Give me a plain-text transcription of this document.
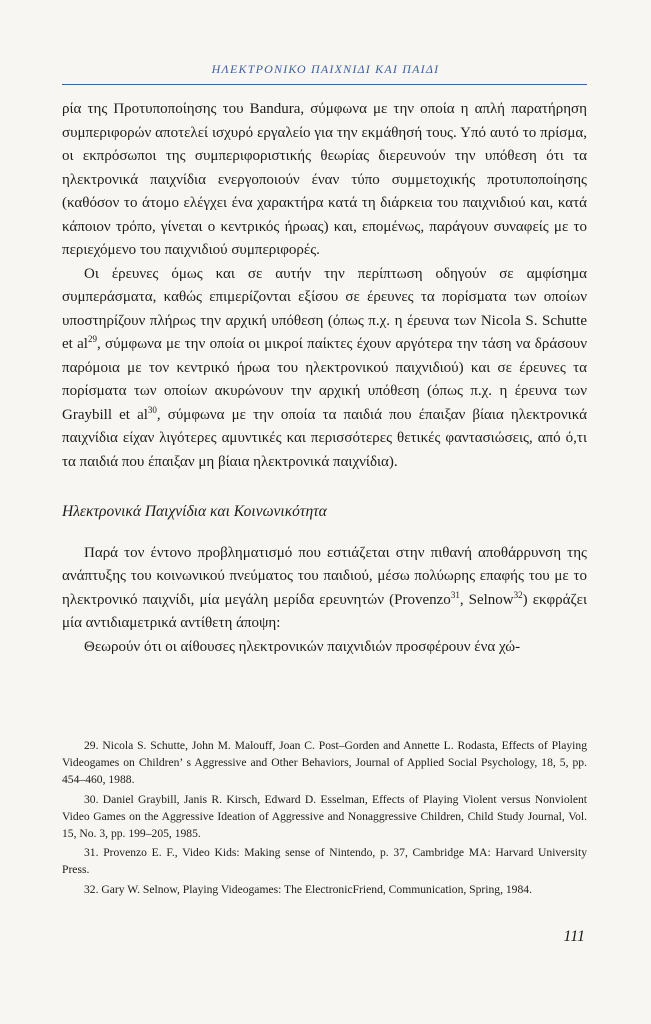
ΗΛΕΚΤΡΟΝΙΚΟ ΠΑΙΧΝΙΔΙ ΚΑΙ ΠΑΙΔΙ

ρία της Προτυποποίησης του Bandura, σύμφωνα με την οποία η απλή παρατήρηση συμπεριφορών αποτελεί ισχυρό εργαλείο για την εκμάθησή τους. Υπό αυτό το πρίσμα, οι εκπρόσωποι της συμπεριφοριστικής θεωρίας διερευνούν την υπόθεση ότι τα ηλεκτρονικά παιχνίδια ενεργοποιούν έναν τύπο συμμετοχικής προτυποποίησης (καθόσον το άτομο ελέγχει ένα χαρακτήρα κατά τη διάρκεια του παιχνιδιού και, κατά κάποιον τρόπο, γίνεται ο κεντρικός ήρωας) και, επομένως, παράγουν συναφείς με το περιεχόμενο του παιχνιδιού συμπεριφορές.

Οι έρευνες όμως και σε αυτήν την περίπτωση οδηγούν σε αμφίσημα συμπεράσματα, καθώς επιμερίζονται εξίσου σε έρευνες τα πορίσματα των οποίων υποστηρίζουν πλήρως την αρχική υπόθεση (όπως π.χ. η έρευνα των Nicola S. Schutte et $al^{29}$, σύμφωνα με την οποία οι μικροί παίκτες έχουν αργότερα την τάση να δράσουν παρόμοια με τον κεντρικό ήρωα του ηλεκτρονικού παιχνιδιού) και σε έρευνες τα πορίσματα των οποίων ακυρώνουν την αρχική υπόθεση (όπως π.χ. η έρευνα των Graybill et $al^{30}$, σύμφωνα με την οποία τα παιδιά που έπαιξαν βίαια ηλεκτρονικά παιχνίδια είχαν λιγότερες αμυντικές και περισσότερες θετικές φαντασιώσεις, από ό,τι τα παιδιά που έπαιξαν μη βίαια ηλεκτρονικά παιχνίδια).

Ηλεκτρονικά Παιχνίδια και Κοινωνικότητα

Παρά τον έντονο προβληματισμό που εστιάζεται στην πιθανή αποθάρρυνση της ανάπτυξης του κοινωνικού πνεύματος του παιδιού, μέσω πολύωρης επαφής του με το ηλεκτρονικό παιχνίδι, μία μεγάλη μερίδα ερευνητών (Provenzo$^{31}$, Selnow$^{32}$) εκφράζει μία αντιδιαμετρικά αντίθετη άποψη:

Θεωρούν ότι οι αίθουσες ηλεκτρονικών παιχνιδιών προσφέρουν ένα χώ-

29. Nicola S. Schutte, John M. Malouff, Joan C. Post–Gorden and Annette L. Rodasta, Effects of Playing Videogames on Children’ s Aggressive and Other Behaviors, Journal of Applied Social Psychology, 18, 5, pp. 454–460, 1988.

30. Daniel Graybill, Janis R. Kirsch, Edward D. Esselman, Effects of Playing Violent versus Nonviolent Video Games on the Aggressive Ideation of Aggressive and Nonaggressive Children, Child Study Journal, Vol. 15, No. 3, pp. 199–205, 1985.

31. Provenzo E. F., Video Kids: Making sense of Nintendo, p. 37, Cambridge MA: Harvard University Press.

32. Gary W. Selnow, Playing Videogames: The ElectronicFriend, Communication, Spring, 1984.

111
